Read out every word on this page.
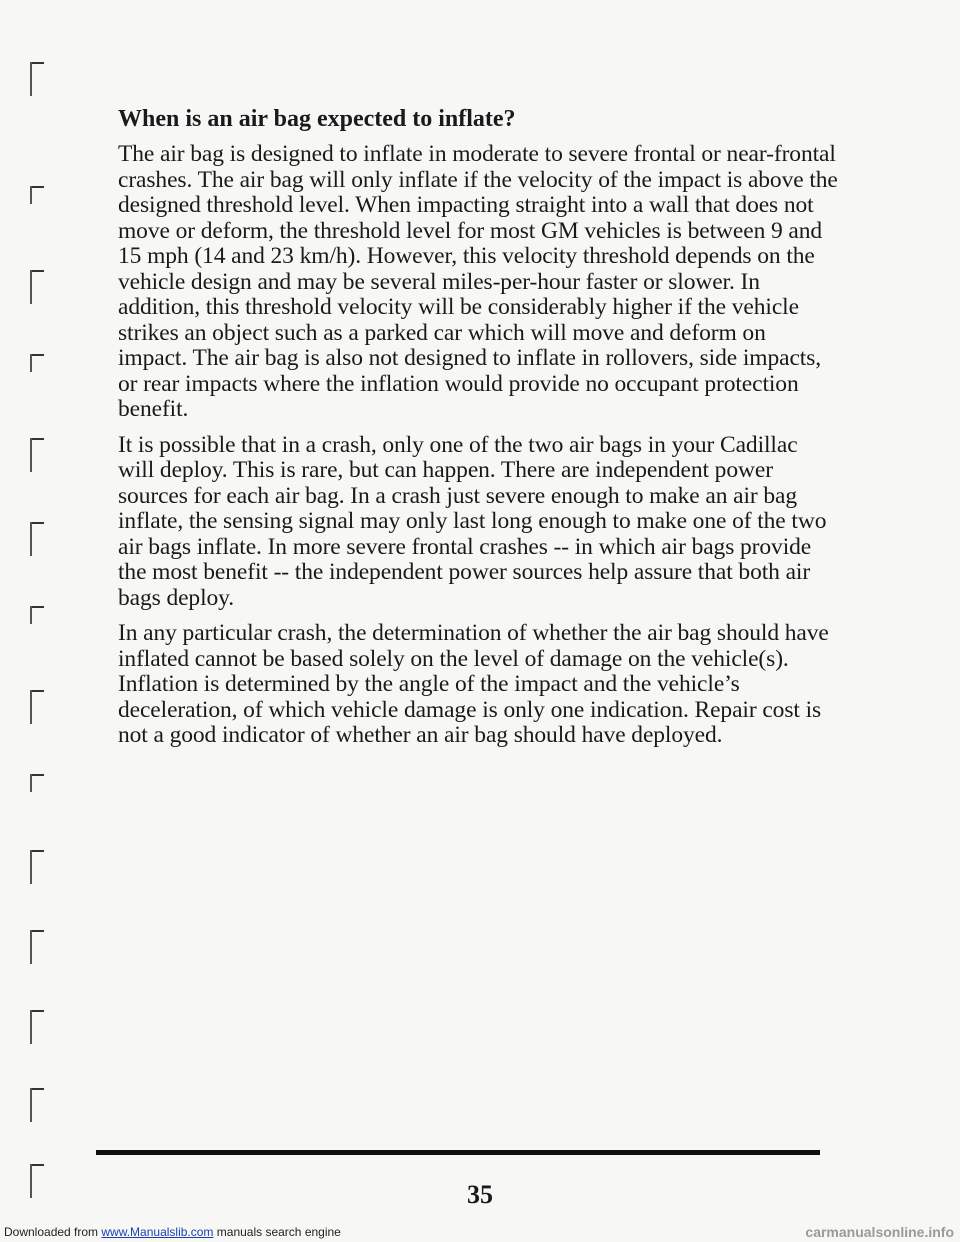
When is an air bag expected to inflate?

The air bag is designed to inflate in moderate to severe frontal or near-frontal crashes. The air bag will only inflate if the velocity of the impact is above the designed threshold level. When impacting straight into a wall that does not move or deform, the threshold level for most GM vehicles is between 9 and 15 mph (14 and 23 km/h). However, this velocity threshold depends on the vehicle design and may be several miles-per-hour faster or slower. In addition, this threshold velocity will be considerably higher if the vehicle strikes an object such as a parked car which will move and deform on impact. The air bag is also not designed to inflate in rollovers, side impacts, or rear impacts where the inflation would provide no occupant protection benefit.

It is possible that in a crash, only one of the two air bags in your Cadillac will deploy. This is rare, but can happen. There are independent power sources for each air bag. In a crash just severe enough to make an air bag inflate, the sensing signal may only last long enough to make one of the two air bags inflate. In more severe frontal crashes -- in which air bags provide the most benefit -- the independent power sources help assure that both air bags deploy.

In any particular crash, the determination of whether the air bag should have inflated cannot be based solely on the level of damage on the vehicle(s). Inflation is determined by the angle of the impact and the vehicle’s deceleration, of which vehicle damage is only one indication. Repair cost is not a good indicator of whether an air bag should have deployed.

35
Downloaded from www.Manualslib.com manuals search engine	carmanualsonline.info
